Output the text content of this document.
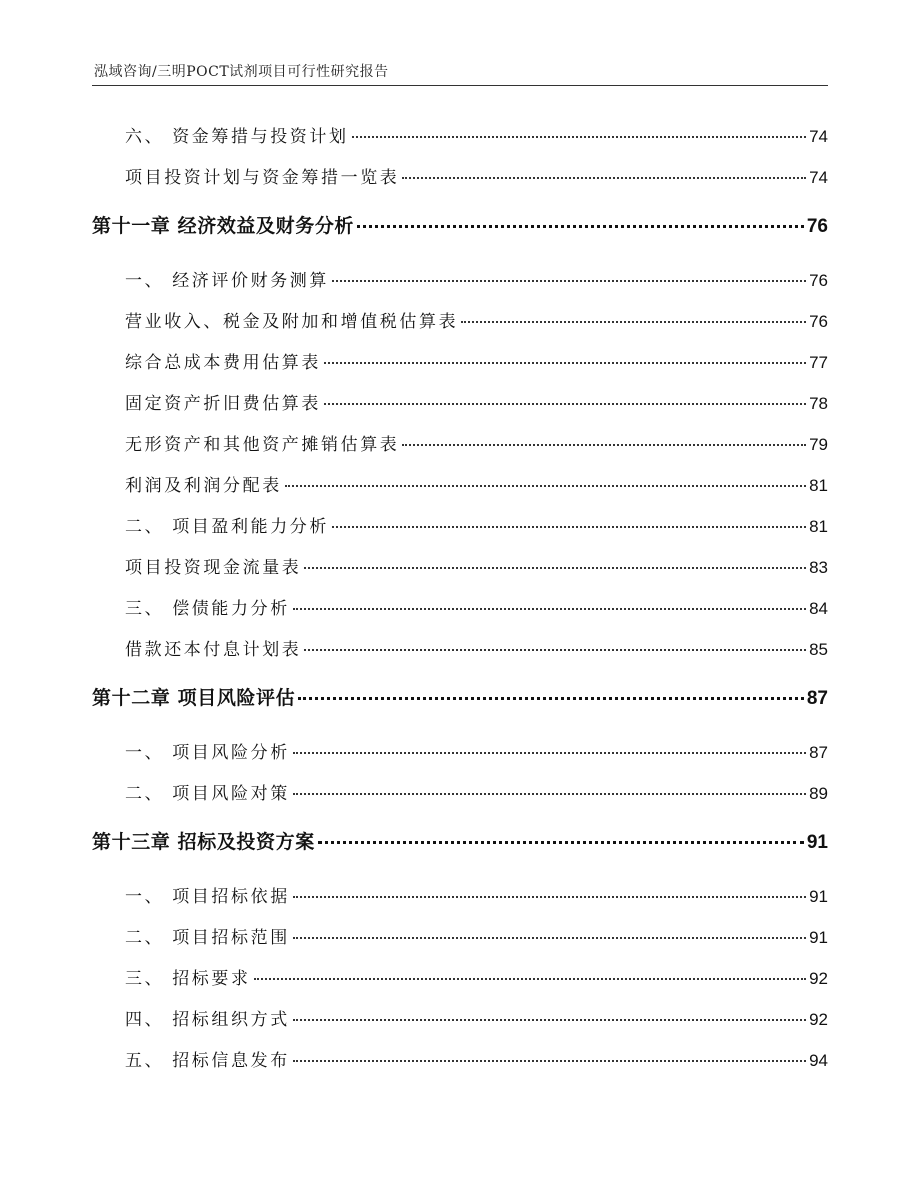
泓域咨询/三明POCT试剂项目可行性研究报告
六、 资金筹措与投资计划	74
项目投资计划与资金筹措一览表	74
第十一章 经济效益及财务分析	76
一、 经济评价财务测算	76
营业收入、税金及附加和增值税估算表	76
综合总成本费用估算表	77
固定资产折旧费估算表	78
无形资产和其他资产摊销估算表	79
利润及利润分配表	81
二、 项目盈利能力分析	81
项目投资现金流量表	83
三、 偿债能力分析	84
借款还本付息计划表	85
第十二章 项目风险评估	87
一、 项目风险分析	87
二、 项目风险对策	89
第十三章 招标及投资方案	91
一、 项目招标依据	91
二、 项目招标范围	91
三、 招标要求	92
四、 招标组织方式	92
五、 招标信息发布	94
